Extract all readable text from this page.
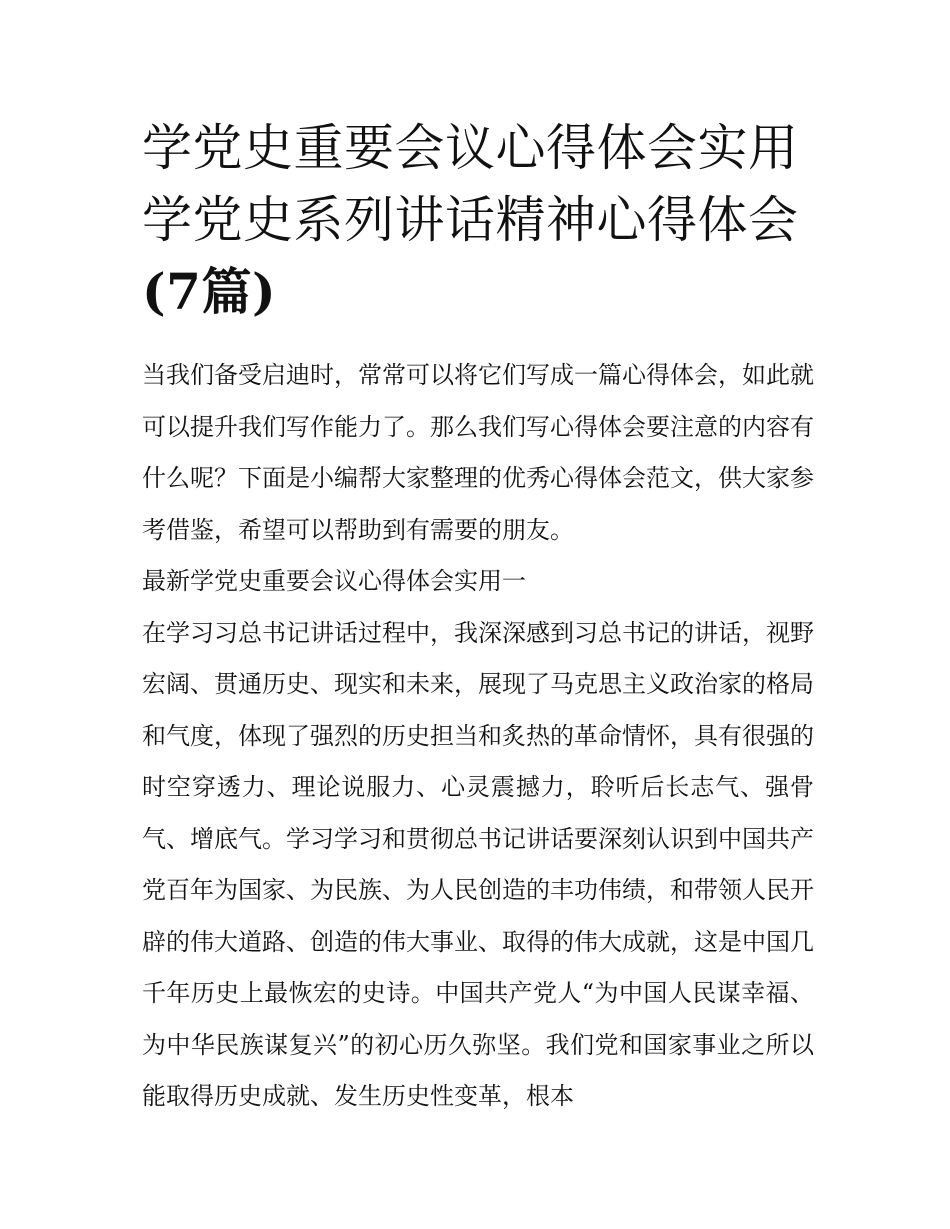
学党史重要会议心得体会实用学党史系列讲话精神心得体会(7篇)

当我们备受启迪时，常常可以将它们写成一篇心得体会，如此就可以提升我们写作能力了。那么我们写心得体会要注意的内容有什么呢？下面是小编帮大家整理的优秀心得体会范文，供大家参考借鉴，希望可以帮助到有需要的朋友。

最新学党史重要会议心得体会实用一

在学习习总书记讲话过程中，我深深感到习总书记的讲话，视野宏阔、贯通历史、现实和未来，展现了马克思主义政治家的格局和气度，体现了强烈的历史担当和炙热的革命情怀，具有很强的时空穿透力、理论说服力、心灵震撼力，聆听后长志气、强骨气、增底气。学习学习和贯彻总书记讲话要深刻认识到中国共产党百年为国家、为民族、为人民创造的丰功伟绩，和带领人民开辟的伟大道路、创造的伟大事业、取得的伟大成就，这是中国几千年历史上最恢宏的史诗。中国共产党人“为中国人民谋幸福、为中华民族谋复兴”的初心历久弥坚。我们党和国家事业之所以能取得历史成就、发生历史性变革，根本
